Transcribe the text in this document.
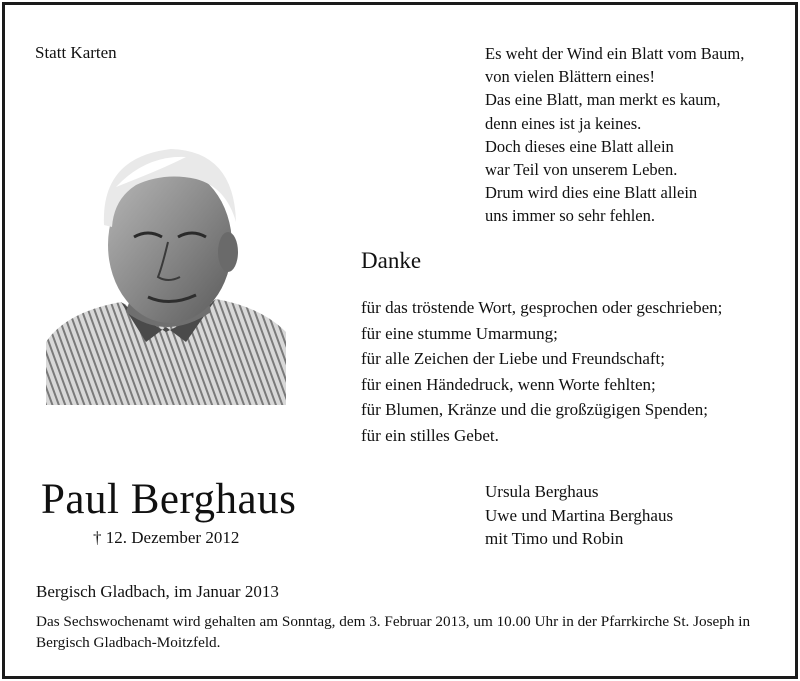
Statt Karten	Es weht der Wind ein Blatt vom Baum,
von vielen Blättern eines!
Das eine Blatt, man merkt es kaum,
denn eines ist ja keines.
Doch dieses eine Blatt allein
war Teil von unserem Leben.
Drum wird dies eine Blatt allein
uns immer so sehr fehlen.
Danke
für das tröstende Wort, gesprochen oder geschrieben;
für eine stumme Umarmung;
für alle Zeichen der Liebe und Freundschaft;
für einen Händedruck, wenn Worte fehlten;
für Blumen, Kränze und die großzügigen Spenden;
für ein stilles Gebet.
Paul Berghaus
† 12. Dezember 2012
Ursula Berghaus
Uwe und Martina Berghaus
mit Timo und Robin
Bergisch Gladbach, im Januar 2013
Das Sechswochenamt wird gehalten am Sonntag, dem 3. Februar 2013, um 10.00 Uhr in der Pfarrkirche St. Joseph in Bergisch Gladbach-Moitzfeld.
